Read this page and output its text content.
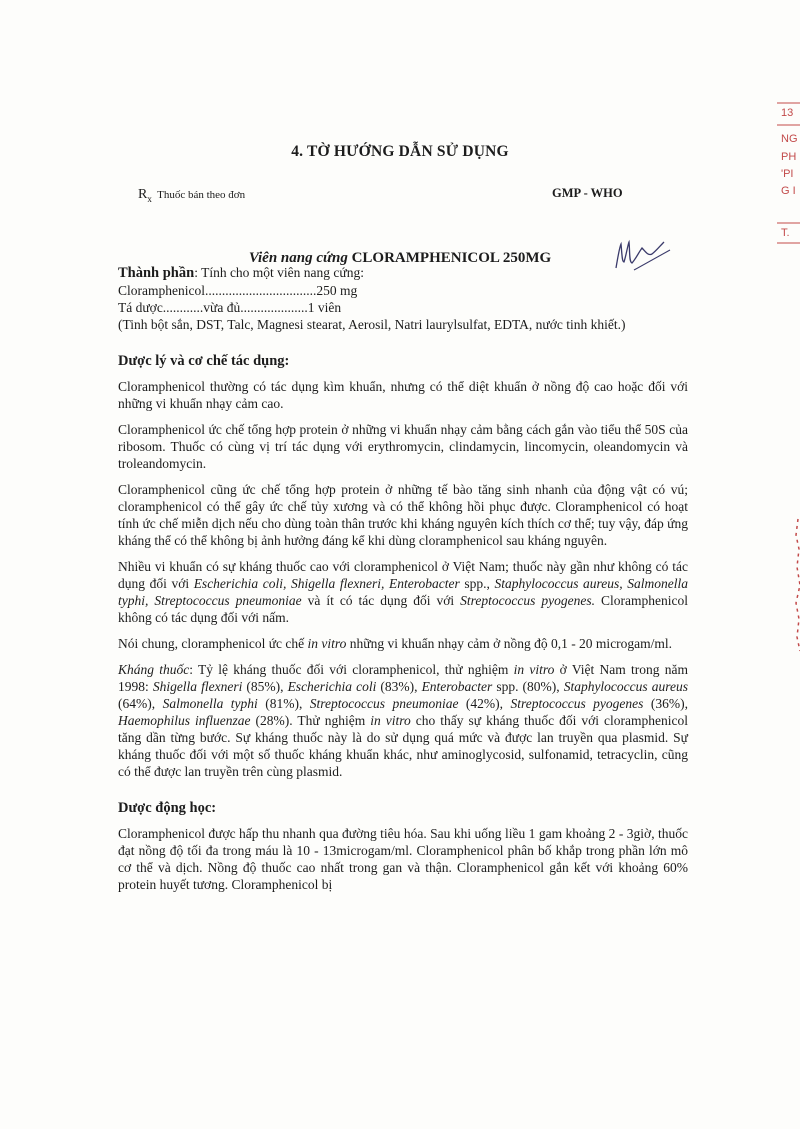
4. TỜ HƯỚNG DẪN SỬ DỤNG
$R_x$ Thuốc bán theo đơn	GMP - WHO
Viên nang cứng CLORAMPHENICOL 250MG
13
NG
PH
'PI
G I
T.

Thành phần: Tính cho một viên nang cứng:

Cloramphenicol.................................250 mg

Tá dược............vừa đủ....................1 viên

(Tinh bột sắn, DST, Talc, Magnesi stearat, Aerosil, Natri laurylsulfat, EDTA, nước tinh khiết.)

Dược lý và cơ chế tác dụng:

Cloramphenicol thường có tác dụng kìm khuẩn, nhưng có thể diệt khuẩn ở nồng độ cao hoặc đối với những vi khuẩn nhạy cảm cao.

Cloramphenicol ức chế tổng hợp protein ở những vi khuẩn nhạy cảm bằng cách gắn vào tiểu thể 50S của ribosom. Thuốc có cùng vị trí tác dụng với erythromycin, clindamycin, lincomycin, oleandomycin và troleandomycin.

Cloramphenicol cũng ức chế tổng hợp protein ở những tế bào tăng sinh nhanh của động vật có vú; cloramphenicol có thể gây ức chế tủy xương và có thể không hồi phục được. Cloramphenicol có hoạt tính ức chế miễn dịch nếu cho dùng toàn thân trước khi kháng nguyên kích thích cơ thể; tuy vậy, đáp ứng kháng thể có thể không bị ảnh hưởng đáng kể khi dùng cloramphenicol sau kháng nguyên.

Nhiều vi khuẩn có sự kháng thuốc cao với cloramphenicol ở Việt Nam; thuốc này gần như không có tác dụng đối với Escherichia coli, Shigella flexneri, Enterobacter spp., Staphylococcus aureus, Salmonella typhi, Streptococcus pneumoniae và ít có tác dụng đối với Streptococcus pyogenes. Cloramphenicol không có tác dụng đối với nấm.

Nói chung, cloramphenicol ức chế in vitro những vi khuẩn nhạy cảm ở nồng độ 0,1 - 20 microgam/ml.

Kháng thuốc: Tỷ lệ kháng thuốc đối với cloramphenicol, thử nghiệm in vitro ở Việt Nam trong năm 1998: Shigella flexneri (85%), Escherichia coli (83%), Enterobacter spp. (80%), Staphylococcus aureus (64%), Salmonella typhi (81%), Streptococcus pneumoniae (42%), Streptococcus pyogenes (36%), Haemophilus influenzae (28%). Thử nghiệm in vitro cho thấy sự kháng thuốc đối với cloramphenicol tăng dần từng bước. Sự kháng thuốc này là do sử dụng quá mức và được lan truyền qua plasmid. Sự kháng thuốc đối với một số thuốc kháng khuẩn khác, như aminoglycosid, sulfonamid, tetracyclin, cũng có thể được lan truyền trên cùng plasmid.

Dược động học:

Cloramphenicol được hấp thu nhanh qua đường tiêu hóa. Sau khi uống liều 1 gam khoảng 2 - 3giờ, thuốc đạt nồng độ tối đa trong máu là 10 - 13microgam/ml. Cloramphenicol phân bố khắp trong phần lớn mô cơ thể và dịch. Nồng độ thuốc cao nhất trong gan và thận. Cloramphenicol gắn kết với khoảng 60% protein huyết tương. Cloramphenicol bị
